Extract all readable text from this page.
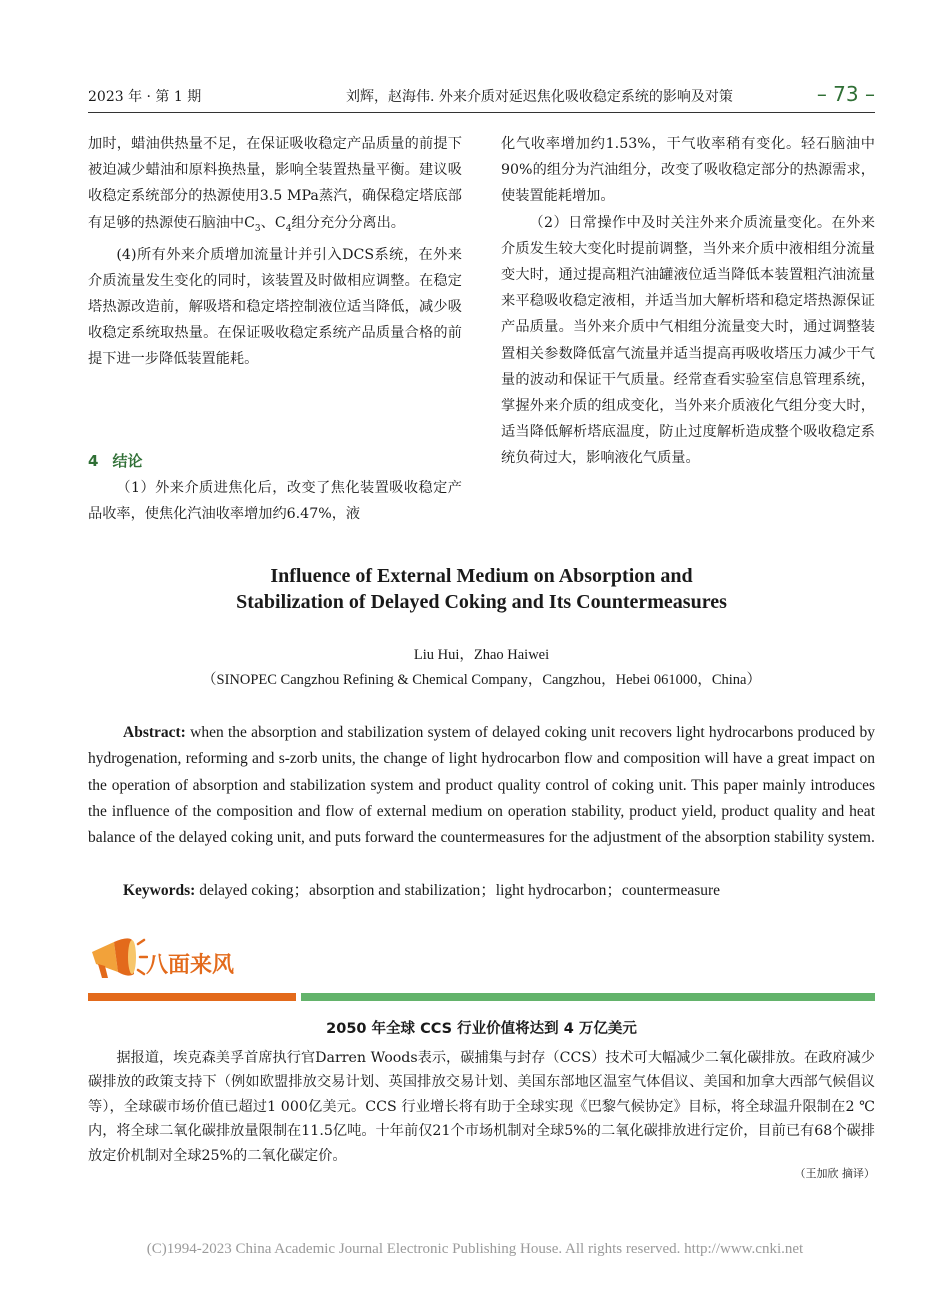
2023 年 · 第 1 期	刘辉，赵海伟. 外来介质对延迟焦化吸收稳定系统的影响及对策	– 73 –

加时，蜡油供热量不足，在保证吸收稳定产品质量的前提下被迫减少蜡油和原料换热量，影响全装置热量平衡。建议吸收稳定系统部分的热源使用3.5 MPa蒸汽，确保稳定塔底部有足够的热源使石脑油中$C_3$、$C_4$组分充分分离出。

(4)所有外来介质增加流量计并引入DCS系统，在外来介质流量发生变化的同时，该装置及时做相应调整。在稳定塔热源改造前，解吸塔和稳定塔控制液位适当降低，减少吸收稳定系统取热量。在保证吸收稳定系统产品质量合格的前提下进一步降低装置能耗。

4 结论

（1）外来介质进焦化后，改变了焦化装置吸收稳定产品收率，使焦化汽油收率增加约6.47%，液

化气收率增加约1.53%，干气收率稍有变化。轻石脑油中90%的组分为汽油组分，改变了吸收稳定部分的热源需求，使装置能耗增加。

（2）日常操作中及时关注外来介质流量变化。在外来介质发生较大变化时提前调整，当外来介质中液相组分流量变大时，通过提高粗汽油罐液位适当降低本装置粗汽油流量来平稳吸收稳定液相，并适当加大解析塔和稳定塔热源保证产品质量。当外来介质中气相组分流量变大时，通过调整装置相关参数降低富气流量并适当提高再吸收塔压力减少干气量的波动和保证干气质量。经常查看实验室信息管理系统，掌握外来介质的组成变化，当外来介质液化气组分变大时，适当降低解析塔底温度，防止过度解析造成整个吸收稳定系统负荷过大，影响液化气质量。

Influence of External Medium on Absorption and
Stabilization of Delayed Coking and Its Countermeasures
Liu Hui，Zhao Haiwei
（SINOPEC Cangzhou Refining & Chemical Company，Cangzhou，Hebei 061000，China）

Abstract: when the absorption and stabilization system of delayed coking unit recovers light hydrocarbons produced by hydrogenation, reforming and s-zorb units, the change of light hydrocarbon flow and composition will have a great impact on the operation of absorption and stabilization system and product quality control of coking unit. This paper mainly introduces the influence of the composition and flow of external medium on operation stability, product yield, product quality and heat balance of the delayed coking unit, and puts forward the countermeasures for the adjustment of the absorption stability system.

Keywords: delayed coking；absorption and stabilization；light hydrocarbon；countermeasure
八面来风
2050 年全球 CCS 行业价值将达到 4 万亿美元

据报道，埃克森美孚首席执行官Darren Woods表示，碳捕集与封存（CCS）技术可大幅减少二氧化碳排放。在政府减少碳排放的政策支持下（例如欧盟排放交易计划、英国排放交易计划、美国东部地区温室气体倡议、美国和加拿大西部气候倡议等），全球碳市场价值已超过1 000亿美元。CCS 行业增长将有助于全球实现《巴黎气候协定》目标，将全球温升限制在2 ℃内，将全球二氧化碳排放量限制在11.5亿吨。十年前仅21个市场机制对全球5%的二氧化碳排放进行定价，目前已有68个碳排放定价机制对全球25%的二氧化碳定价。

（王加欣 摘译）
(C)1994-2023 China Academic Journal Electronic Publishing House. All rights reserved. http://www.cnki.net
